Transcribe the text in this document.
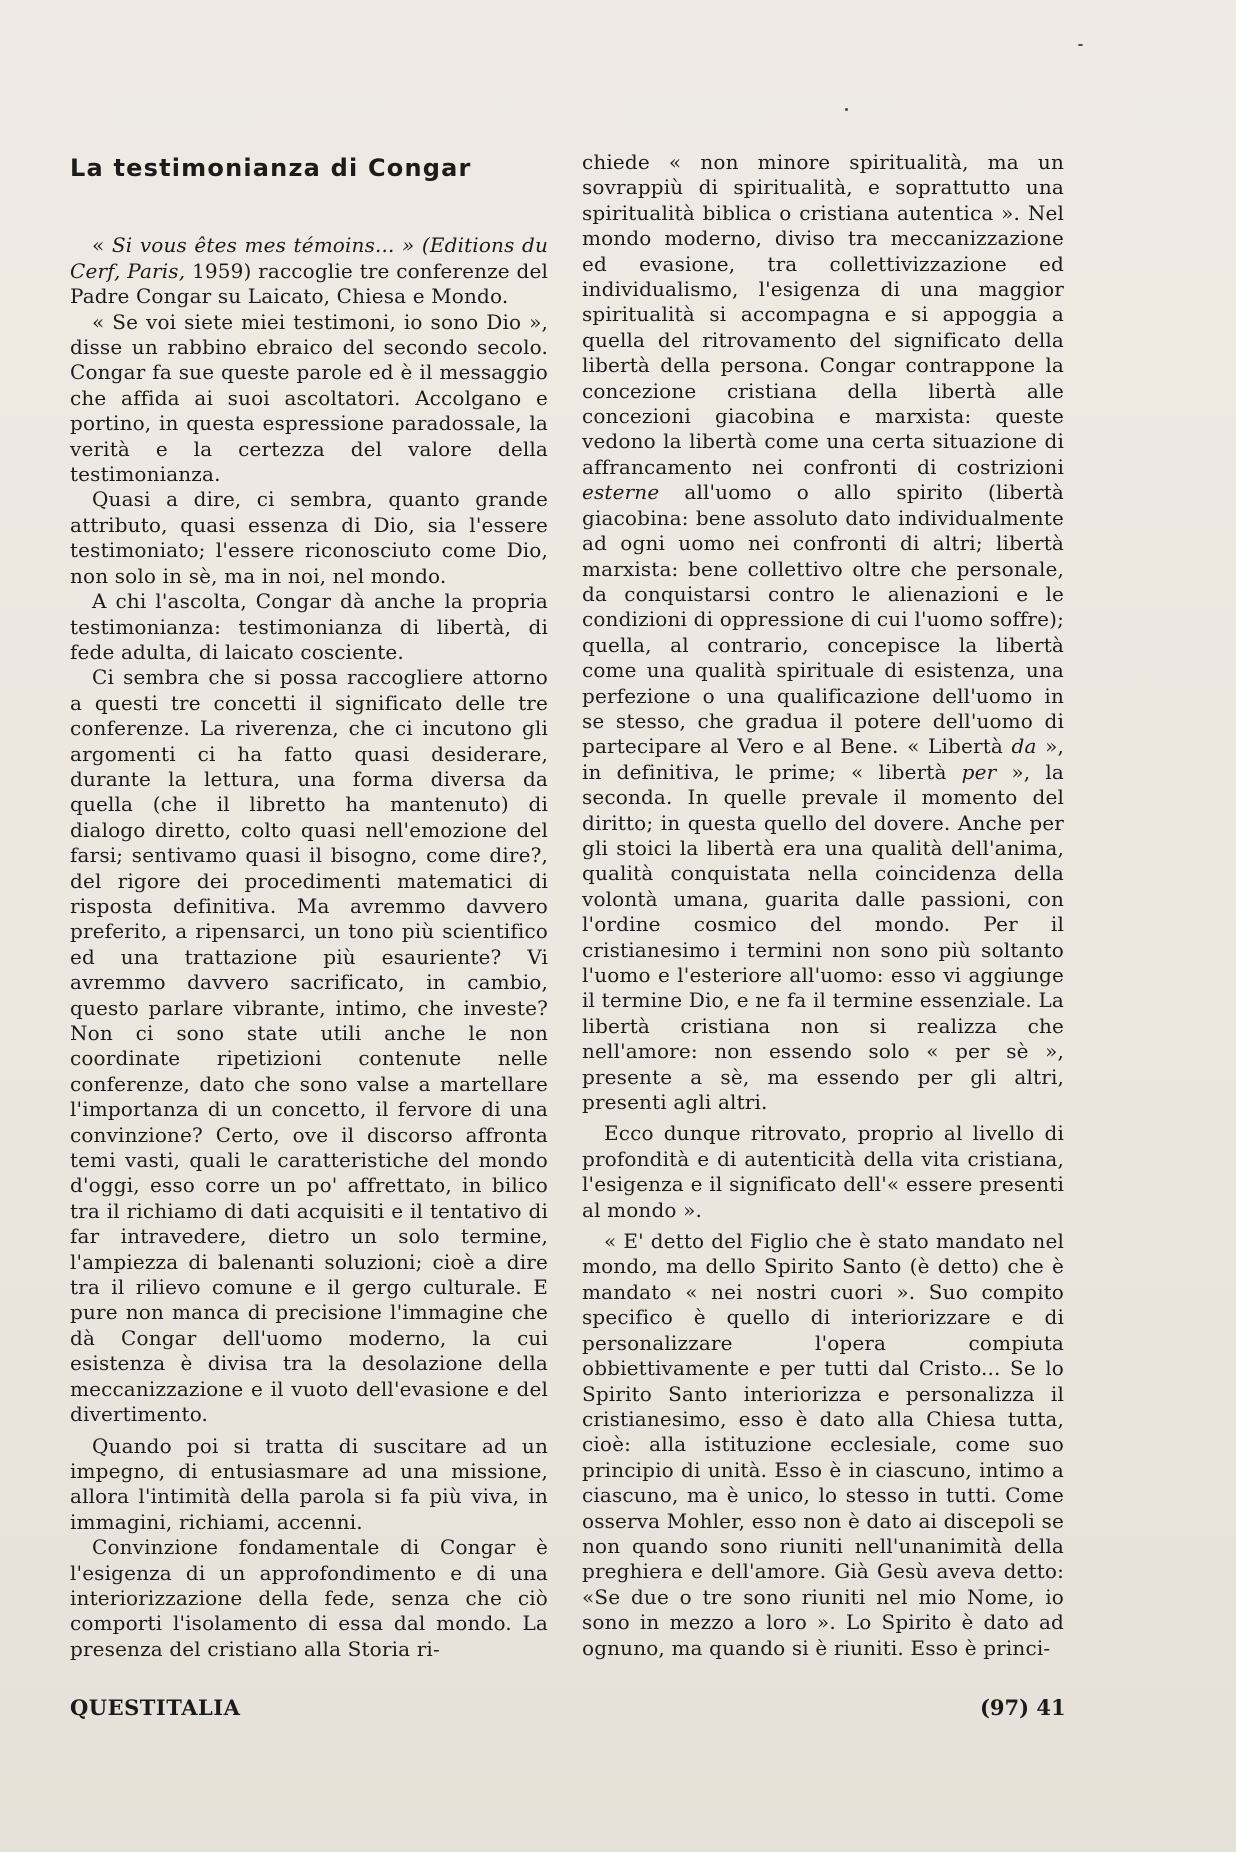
La testimonianza di Congar

« Si vous êtes mes témoins... » (Editions du Cerf, Paris, 1959) raccoglie tre conferenze del Padre Congar su Laicato, Chiesa e Mondo.

« Se voi siete miei testimoni, io sono Dio », disse un rabbino ebraico del secondo secolo. Congar fa sue queste parole ed è il messaggio che affida ai suoi ascoltatori. Accolgano e portino, in questa espressione paradossale, la verità e la certezza del valore della testimonianza.

Quasi a dire, ci sembra, quanto grande attributo, quasi essenza di Dio, sia l'essere testimoniato; l'essere riconosciuto come Dio, non solo in sè, ma in noi, nel mondo.

A chi l'ascolta, Congar dà anche la propria testimonianza: testimonianza di libertà, di fede adulta, di laicato cosciente.

Ci sembra che si possa raccogliere attorno a questi tre concetti il significato delle tre conferenze. La riverenza, che ci incutono gli argomenti ci ha fatto quasi desiderare, durante la lettura, una forma diversa da quella (che il libretto ha mantenuto) di dialogo diretto, colto quasi nell'emozione del farsi; sentivamo quasi il bisogno, come dire?, del rigore dei procedimenti matematici di risposta definitiva. Ma avremmo davvero preferito, a ripensarci, un tono più scientifico ed una trattazione più esauriente? Vi avremmo davvero sacrificato, in cambio, questo parlare vibrante, intimo, che investe? Non ci sono state utili anche le non coordinate ripetizioni contenute nelle conferenze, dato che sono valse a martellare l'importanza di un concetto, il fervore di una convinzione? Certo, ove il discorso affronta temi vasti, quali le caratteristiche del mondo d'oggi, esso corre un po' affrettato, in bilico tra il richiamo di dati acquisiti e il tentativo di far intravedere, dietro un solo termine, l'ampiezza di balenanti soluzioni; cioè a dire tra il rilievo comune e il gergo culturale. E pure non manca di precisione l'immagine che dà Congar dell'uomo moderno, la cui esistenza è divisa tra la desolazione della meccanizzazione e il vuoto dell'evasione e del divertimento.

Quando poi si tratta di suscitare ad un impegno, di entusiasmare ad una missione, allora l'intimità della parola si fa più viva, in immagini, richiami, accenni.

Convinzione fondamentale di Congar è l'esigenza di un approfondimento e di una interiorizzazione della fede, senza che ciò comporti l'isolamento di essa dal mondo. La presenza del cristiano alla Storia ri-

chiede « non minore spiritualità, ma un sovrappiù di spiritualità, e soprattutto una spiritualità biblica o cristiana autentica ». Nel mondo moderno, diviso tra meccanizzazione ed evasione, tra collettivizzazione ed individualismo, l'esigenza di una maggior spiritualità si accompagna e si appoggia a quella del ritrovamento del significato della libertà della persona. Congar contrappone la concezione cristiana della libertà alle concezioni giacobina e marxista: queste vedono la libertà come una certa situazione di affrancamento nei confronti di costrizioni esterne all'uomo o allo spirito (libertà giacobina: bene assoluto dato individualmente ad ogni uomo nei confronti di altri; libertà marxista: bene collettivo oltre che personale, da conquistarsi contro le alienazioni e le condizioni di oppressione di cui l'uomo soffre); quella, al contrario, concepisce la libertà come una qualità spirituale di esistenza, una perfezione o una qualificazione dell'uomo in se stesso, che gradua il potere dell'uomo di partecipare al Vero e al Bene. « Libertà da », in definitiva, le prime; « libertà per », la seconda. In quelle prevale il momento del diritto; in questa quello del dovere. Anche per gli stoici la libertà era una qualità dell'anima, qualità conquistata nella coincidenza della volontà umana, guarita dalle passioni, con l'ordine cosmico del mondo. Per il cristianesimo i termini non sono più soltanto l'uomo e l'esteriore all'uomo: esso vi aggiunge il termine Dio, e ne fa il termine essenziale. La libertà cristiana non si realizza che nell'amore: non essendo solo « per sè », presente a sè, ma essendo per gli altri, presenti agli altri.

Ecco dunque ritrovato, proprio al livello di profondità e di autenticità della vita cristiana, l'esigenza e il significato dell'« essere presenti al mondo ».

« E' detto del Figlio che è stato mandato nel mondo, ma dello Spirito Santo (è detto) che è mandato « nei nostri cuori ». Suo compito specifico è quello di interiorizzare e di personalizzare l'opera compiuta obbiettivamente e per tutti dal Cristo... Se lo Spirito Santo interiorizza e personalizza il cristianesimo, esso è dato alla Chiesa tutta, cioè: alla istituzione ecclesiale, come suo principio di unità. Esso è in ciascuno, intimo a ciascuno, ma è unico, lo stesso in tutti. Come osserva Mohler, esso non è dato ai discepoli se non quando sono riuniti nell'unanimità della preghiera e dell'amore. Già Gesù aveva detto: «Se due o tre sono riuniti nel mio Nome, io sono in mezzo a loro ». Lo Spirito è dato ad ognuno, ma quando si è riuniti. Esso è princi-

QUESTITALIA	(97) 41
